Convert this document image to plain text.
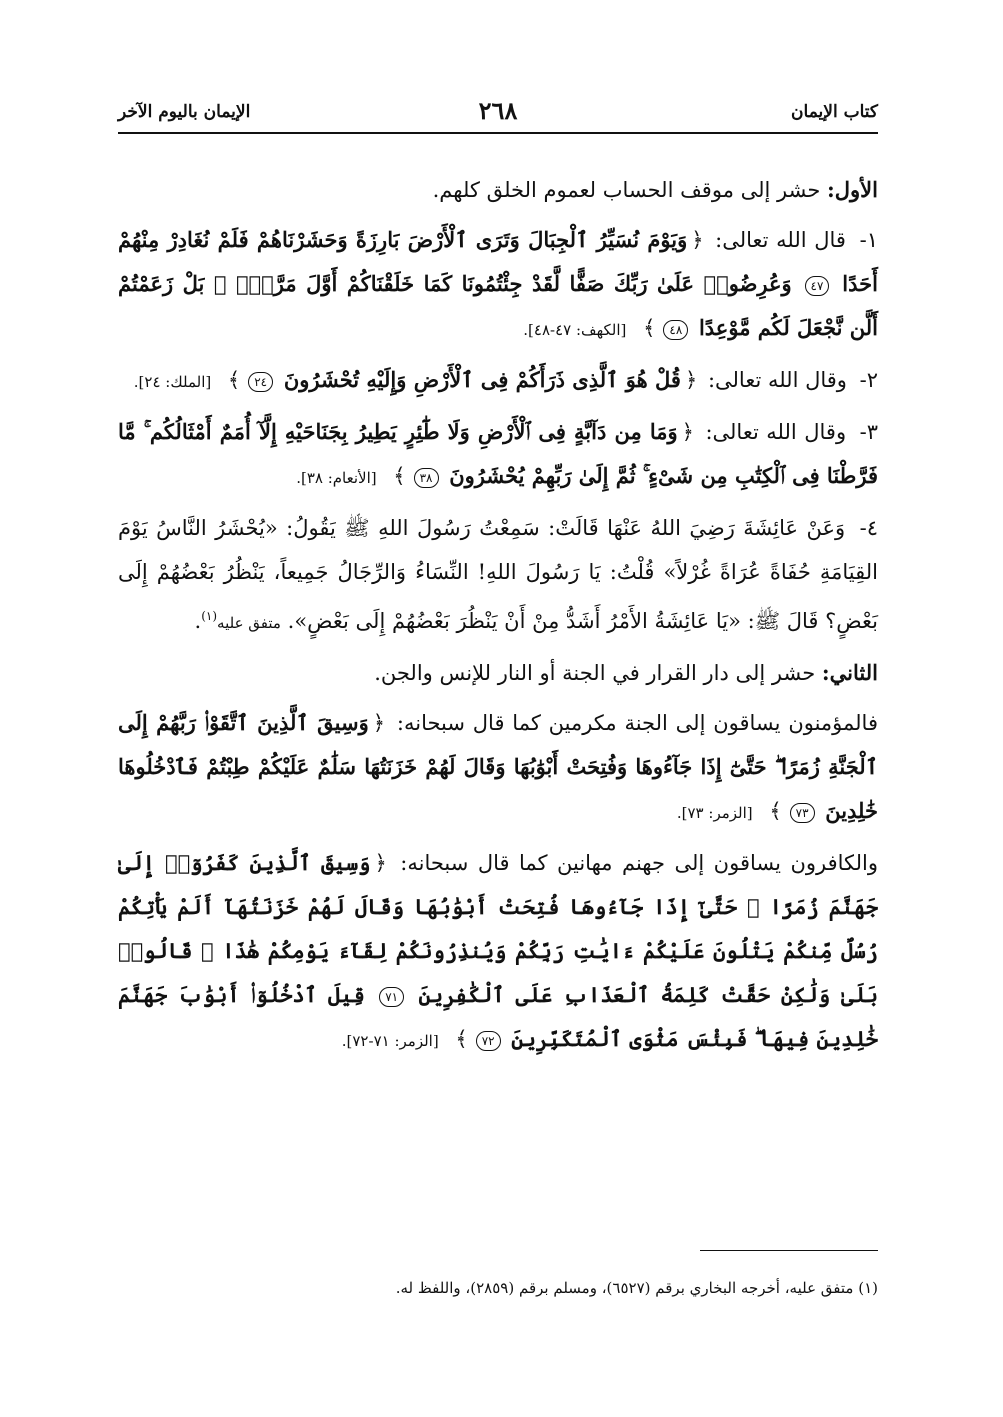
كتاب الإيمان
٢٦٨
الإيمان باليوم الآخر

الأول: حشر إلى موقف الحساب لعموم الخلق كلهم.

١- قال الله تعالى: ﴿وَيَوْمَ نُسَيِّرُ ٱلْجِبَالَ وَتَرَى ٱلْأَرْضَ بَارِزَةً وَحَشَرْنَاهُمْ فَلَمْ نُغَادِرْ مِنْهُمْ أَحَدًا ٤٧ وَعُرِضُوا۟ عَلَىٰ رَبِّكَ صَفًّا لَّقَدْ جِئْتُمُونَا كَمَا خَلَقْنَاكُمْ أَوَّلَ مَرَّةٍۭ ۚ بَلْ زَعَمْتُمْ أَلَّن نَّجْعَلَ لَكُم مَّوْعِدًا ٤٨﴾ [الكهف: ٤٧-٤٨].

٢- وقال الله تعالى: ﴿قُلْ هُوَ ٱلَّذِى ذَرَأَكُمْ فِى ٱلْأَرْضِ وَإِلَيْهِ تُحْشَرُونَ ٢٤﴾ [الملك: ٢٤].

٣- وقال الله تعالى: ﴿وَمَا مِن دَآبَّةٍ فِى ٱلْأَرْضِ وَلَا طَٰٓئِرٍ يَطِيرُ بِجَنَاحَيْهِ إِلَّآ أُمَمٌ أَمْثَالُكُم ۚ مَّا فَرَّطْنَا فِى ٱلْكِتَٰبِ مِن شَىْءٍ ۚ ثُمَّ إِلَىٰ رَبِّهِمْ يُحْشَرُونَ ٣٨﴾ [الأنعام: ٣٨].

٤- وَعَنْ عَائِشَةَ رَضِيَ اللهُ عَنْهَا قَالَتْ: سَمِعْتُ رَسُولَ اللهِ ﷺ يَقُولُ: «يُحْشَرُ النَّاسُ يَوْمَ القِيَامَةِ حُفَاةً عُرَاةً غُرْلاً» قُلْتُ: يَا رَسُولَ اللهِ! النِّسَاءُ وَالرِّجَالُ جَمِيعاً، يَنْظُرُ بَعْضُهُمْ إِلَى بَعْضٍ؟ قَالَ ﷺ: «يَا عَائِشَةُ الأَمْرُ أَشَدُّ مِنْ أَنْ يَنْظُرَ بَعْضُهُمْ إِلَى بَعْضٍ». متفق عليه$^{(١)}$.

الثاني: حشر إلى دار القرار في الجنة أو النار للإنس والجن.

فالمؤمنون يساقون إلى الجنة مكرمين كما قال سبحانه: ﴿وَسِيقَ ٱلَّذِينَ ٱتَّقَوْا۟ رَبَّهُمْ إِلَى ٱلْجَنَّةِ زُمَرًا ۖ حَتَّىٰٓ إِذَا جَآءُوهَا وَفُتِحَتْ أَبْوَٰبُهَا وَقَالَ لَهُمْ خَزَنَتُهَا سَلَٰمٌ عَلَيْكُمْ طِبْتُمْ فَٱدْخُلُوهَا خَٰلِدِينَ ٧٣﴾ [الزمر: ٧٣].

والكافرون يساقون إلى جهنم مهانين كما قال سبحانه: ﴿وَسِيقَ ٱلَّذِينَ كَفَرُوٓا۟ إِلَىٰ جَهَنَّمَ زُمَرًا ۖ حَتَّىٰٓ إِذَا جَآءُوهَا فُتِحَتْ أَبْوَٰبُهَا وَقَالَ لَهُمْ خَزَنَتُهَآ أَلَمْ يَأْتِكُمْ رُسُلٌ مِّنكُمْ يَتْلُونَ عَلَيْكُمْ ءَايَٰتِ رَبِّكُمْ وَيُنذِرُونَكُمْ لِقَآءَ يَوْمِكُمْ هَٰذَا ۚ قَالُوا۟ بَلَىٰ وَلَٰكِنْ حَقَّتْ كَلِمَةُ ٱلْعَذَابِ عَلَى ٱلْكَٰفِرِينَ ٧١ قِيلَ ٱدْخُلُوٓا۟ أَبْوَٰبَ جَهَنَّمَ خَٰلِدِينَ فِيهَا ۖ فَبِئْسَ مَثْوَى ٱلْمُتَكَبِّرِينَ ٧٢﴾ [الزمر: ٧١-٧٢].

(١) متفق عليه، أخرجه البخاري برقم (٦٥٢٧)، ومسلم برقم (٢٨٥٩)، واللفظ له.
